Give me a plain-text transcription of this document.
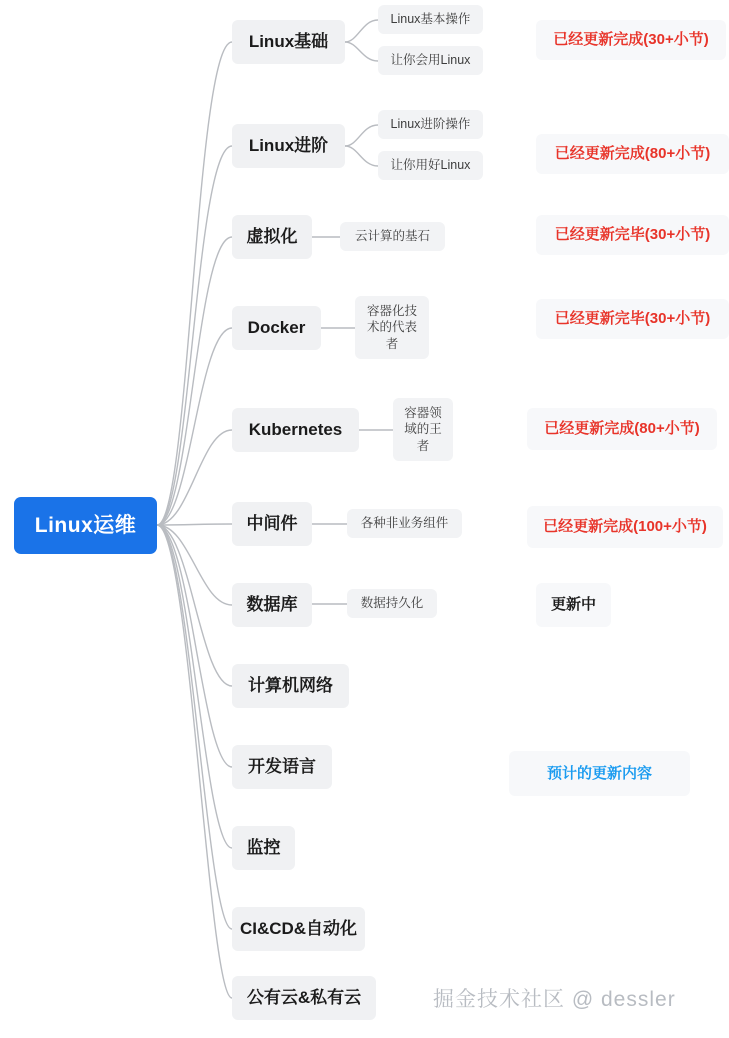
Linux运维
Linux基础
Linux进阶
虚拟化
Docker
Kubernetes
中间件
数据库
计算机网络
开发语言
监控
CI&CD&自动化
公有云&私有云
Linux基本操作
让你会用Linux
Linux进阶操作
让你用好Linux
云计算的基石
容器化技术的代表者
容器领域的王者
各种非业务组件
数据持久化
已经更新完成(30+小节)
已经更新完成(80+小节)
已经更新完毕(30+小节)
已经更新完毕(30+小节)
已经更新完成(80+小节)
已经更新完成(100+小节)
更新中
预计的更新内容
掘金技术社区 @ dessler
